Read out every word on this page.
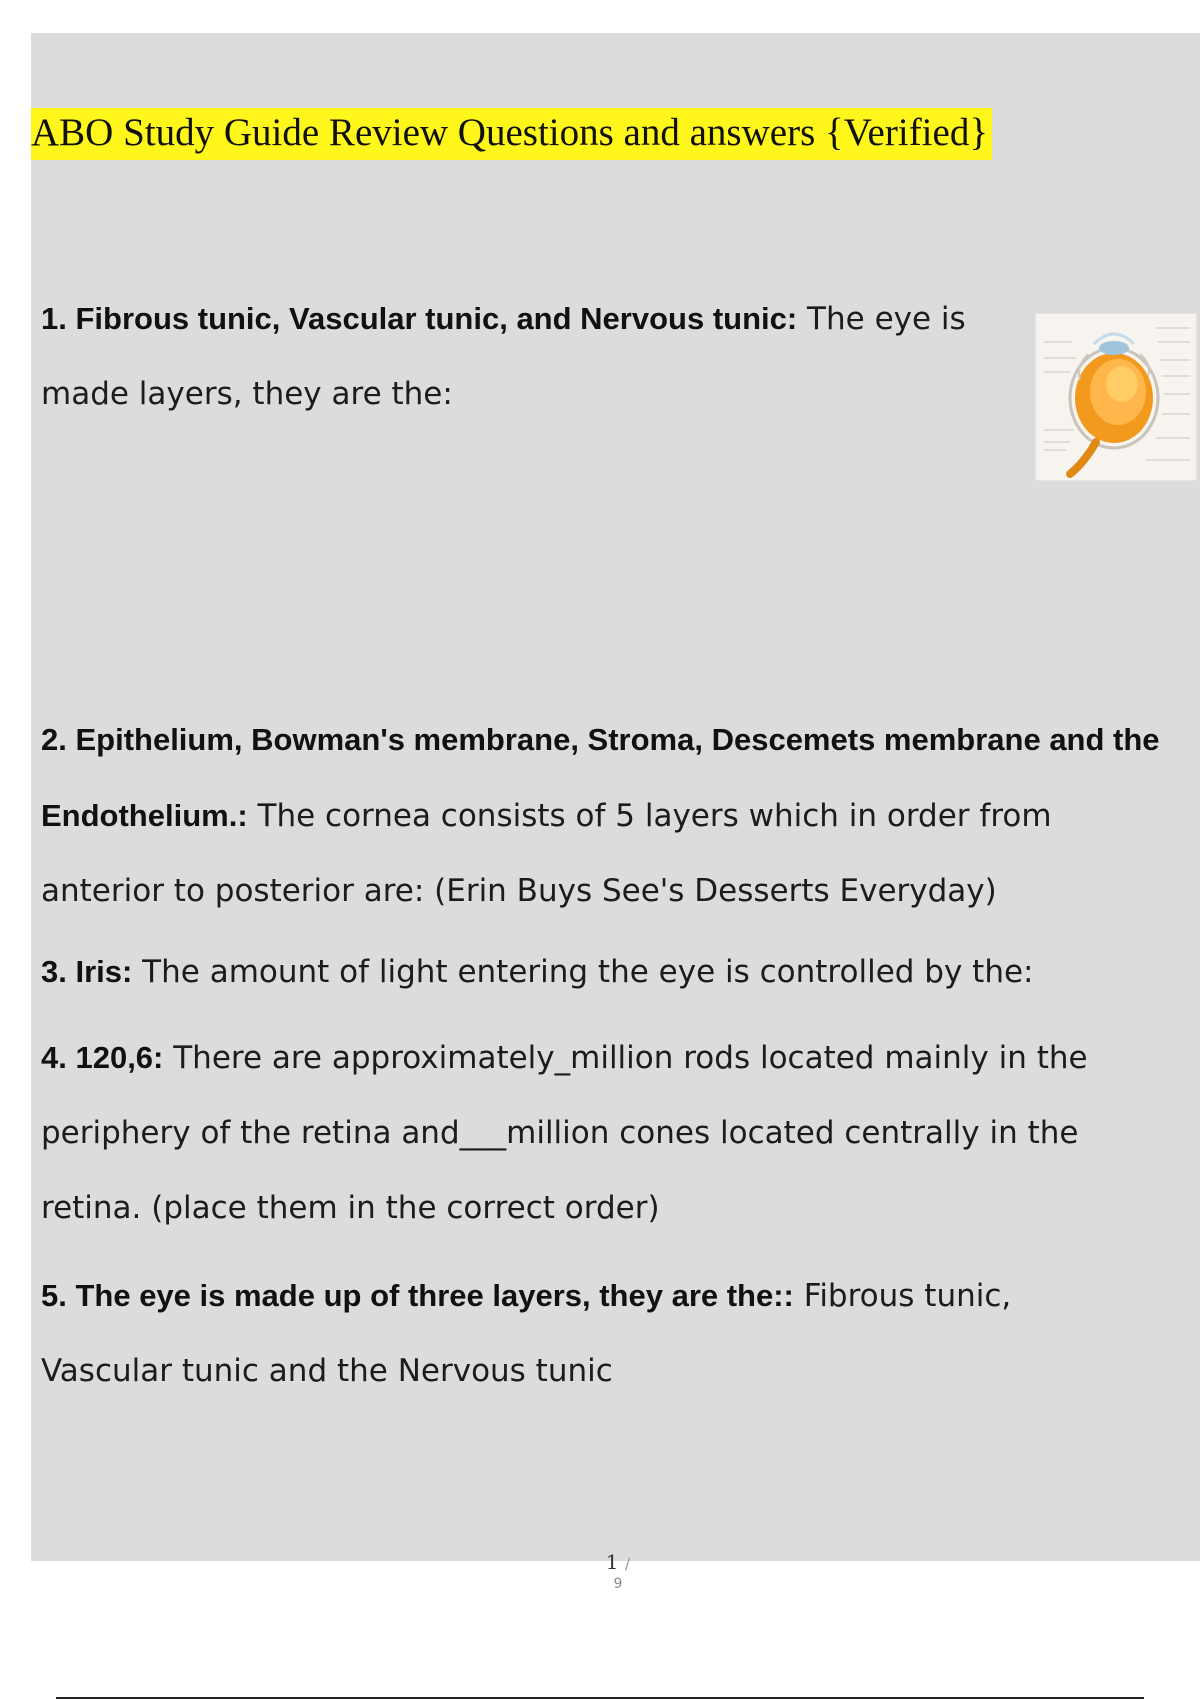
ABO Study Guide Review Questions and answers {Verified}

1. Fibrous tunic, Vascular tunic, and Nervous tunic: The eye is made layers, they are the:

2. Epithelium, Bowman's membrane, Stroma, Descemets membrane and the Endothelium.: The cornea consists of 5 layers which in order from anterior to posterior are: (Erin Buys See's Desserts Everyday)

3. Iris: The amount of light entering the eye is controlled by the:

4. 120,6: There are approximately_million rods located mainly in the periphery of the retina and___million cones located centrally in the retina. (place them in the correct order)

5. The eye is made up of three layers, they are the:: Fibrous tunic, Vascular tunic and the Nervous tunic

1 /
9
